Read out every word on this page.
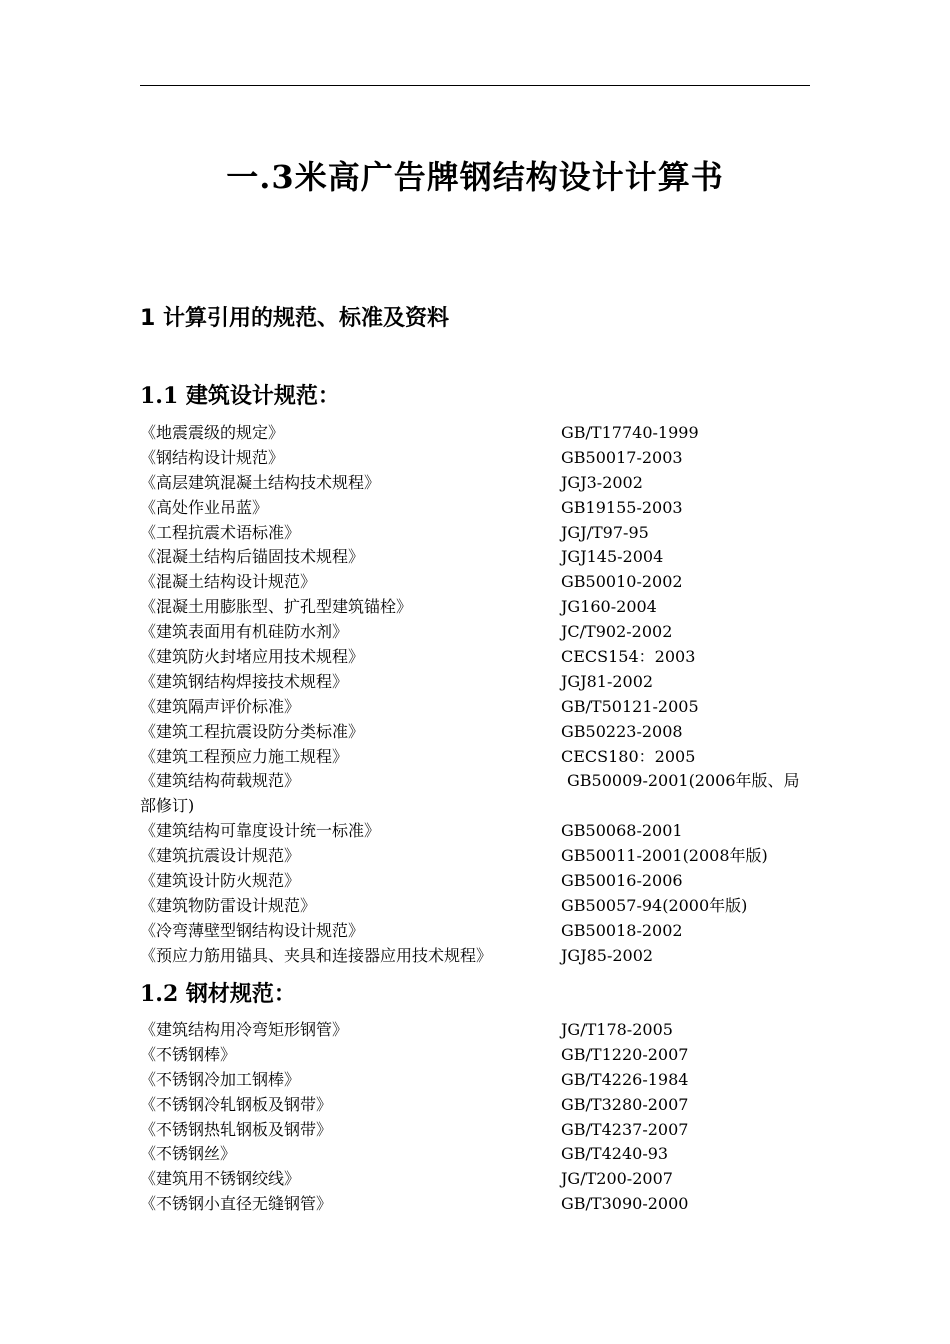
一.3米高广告牌钢结构设计计算书
1 计算引用的规范、标准及资料
1.1 建筑设计规范：
《地震震级的规定》	GB/T17740-1999
《钢结构设计规范》	GB50017-2003
《高层建筑混凝土结构技术规程》	JGJ3-2002
《高处作业吊蓝》	GB19155-2003
《工程抗震术语标准》	JGJ/T97-95
《混凝土结构后锚固技术规程》	JGJ145-2004
《混凝土结构设计规范》	GB50010-2002
《混凝土用膨胀型、扩孔型建筑锚栓》	JG160-2004
《建筑表面用有机硅防水剂》	JC/T902-2002
《建筑防火封堵应用技术规程》	CECS154：2003
《建筑钢结构焊接技术规程》	JGJ81-2002
《建筑隔声评价标准》	GB/T50121-2005
《建筑工程抗震设防分类标准》	GB50223-2008
《建筑工程预应力施工规程》	CECS180：2005
《建筑结构荷载规范》	GB50009-2001(2006年版、局
部修订)
《建筑结构可靠度设计统一标准》	GB50068-2001
《建筑抗震设计规范》	GB50011-2001(2008年版)
《建筑设计防火规范》	GB50016-2006
《建筑物防雷设计规范》	GB50057-94(2000年版)
《冷弯薄壁型钢结构设计规范》	GB50018-2002
《预应力筋用锚具、夹具和连接器应用技术规程》	JGJ85-2002
1.2 钢材规范：
《建筑结构用冷弯矩形钢管》	JG/T178-2005
《不锈钢棒》	GB/T1220-2007
《不锈钢冷加工钢棒》	GB/T4226-1984
《不锈钢冷轧钢板及钢带》	GB/T3280-2007
《不锈钢热轧钢板及钢带》	GB/T4237-2007
《不锈钢丝》	GB/T4240-93
《建筑用不锈钢绞线》	JG/T200-2007
《不锈钢小直径无缝钢管》	GB/T3090-2000
